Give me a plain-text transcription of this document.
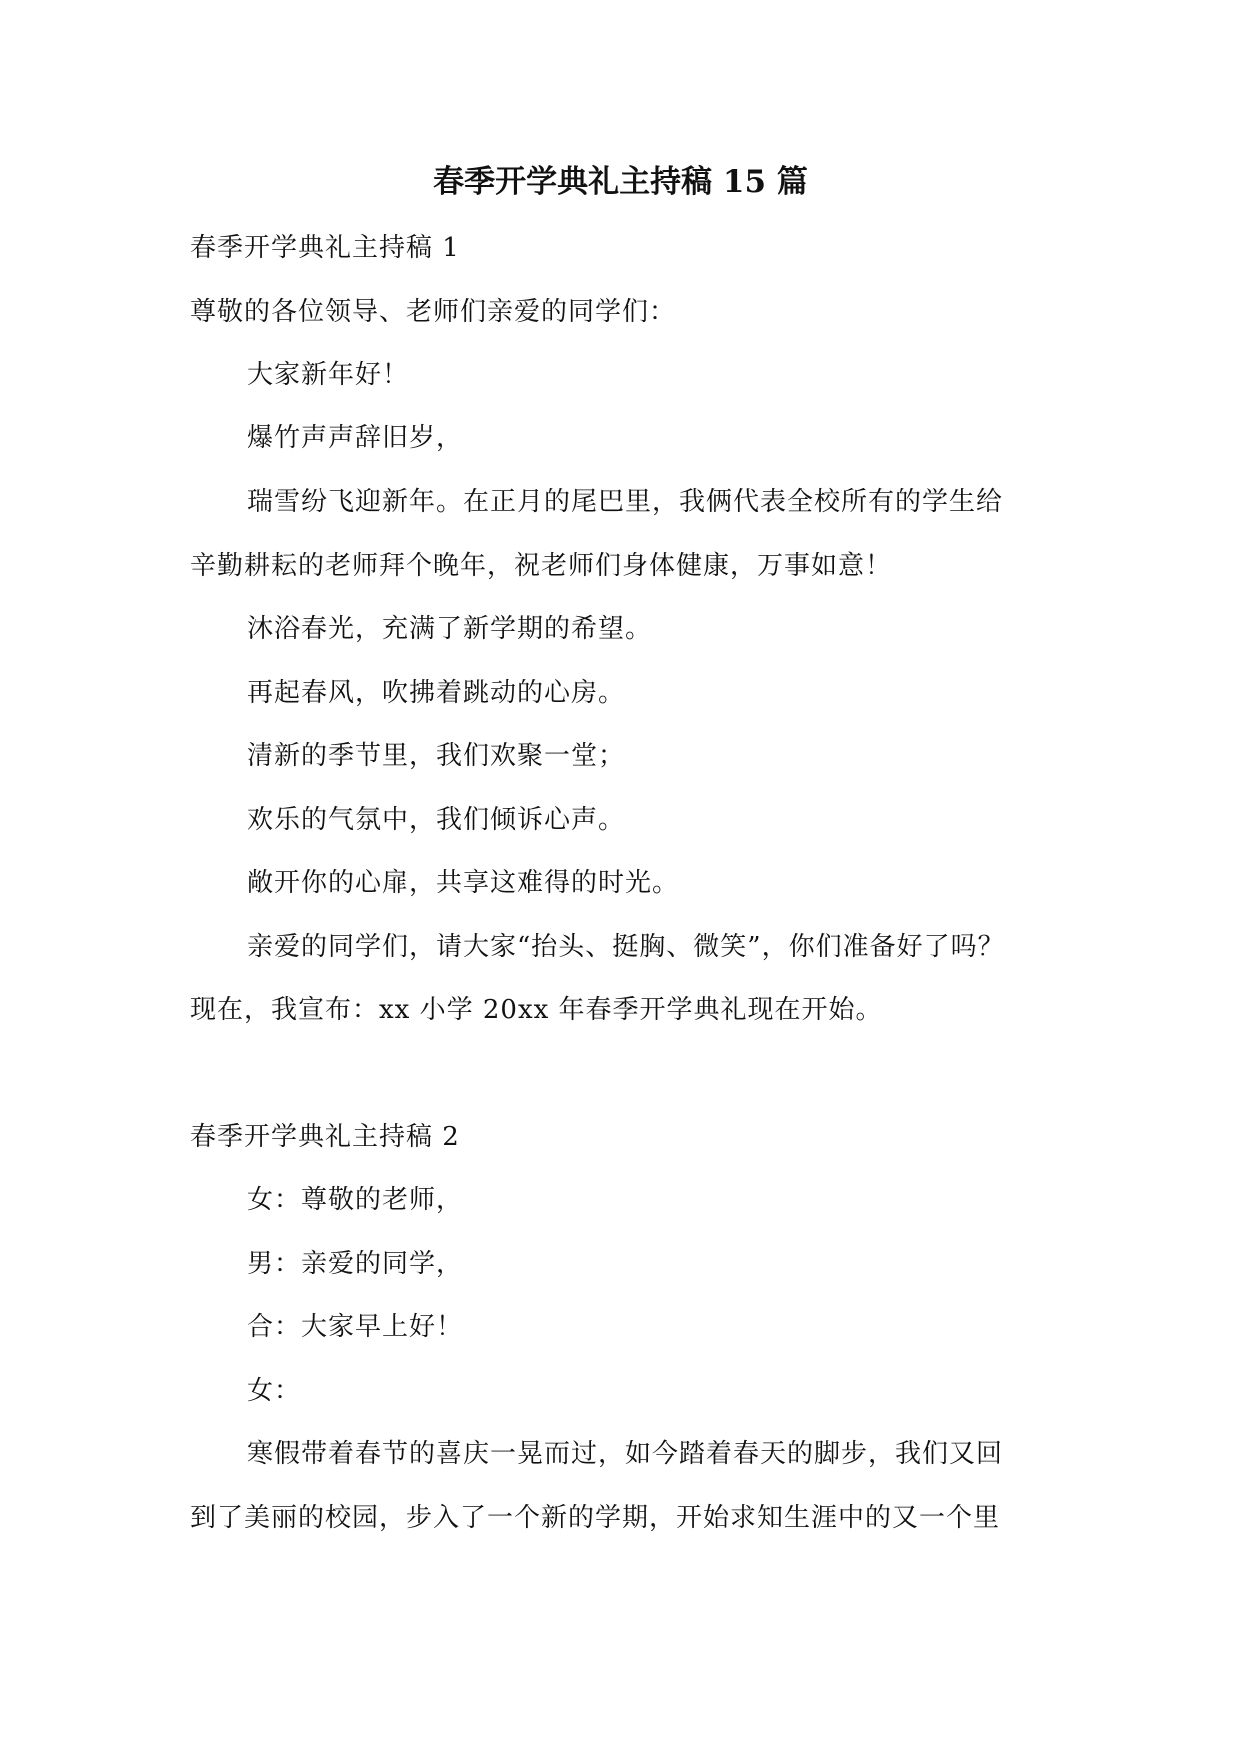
春季开学典礼主持稿 15 篇
春季开学典礼主持稿 1
尊敬的各位领导、老师们亲爱的同学们：
大家新年好！
爆竹声声辞旧岁，
瑞雪纷飞迎新年。在正月的尾巴里，我俩代表全校所有的学生给
辛勤耕耘的老师拜个晚年，祝老师们身体健康，万事如意！
沐浴春光，充满了新学期的希望。
再起春风，吹拂着跳动的心房。
清新的季节里，我们欢聚一堂；
欢乐的气氛中，我们倾诉心声。
敞开你的心扉，共享这难得的时光。
亲爱的同学们，请大家“抬头、挺胸、微笑”，你们准备好了吗？
现在，我宣布：xx 小学 20xx 年春季开学典礼现在开始。
春季开学典礼主持稿 2
女：尊敬的老师，
男：亲爱的同学，
合：大家早上好！
女：
寒假带着春节的喜庆一晃而过，如今踏着春天的脚步，我们又回
到了美丽的校园，步入了一个新的学期，开始求知生涯中的又一个里
